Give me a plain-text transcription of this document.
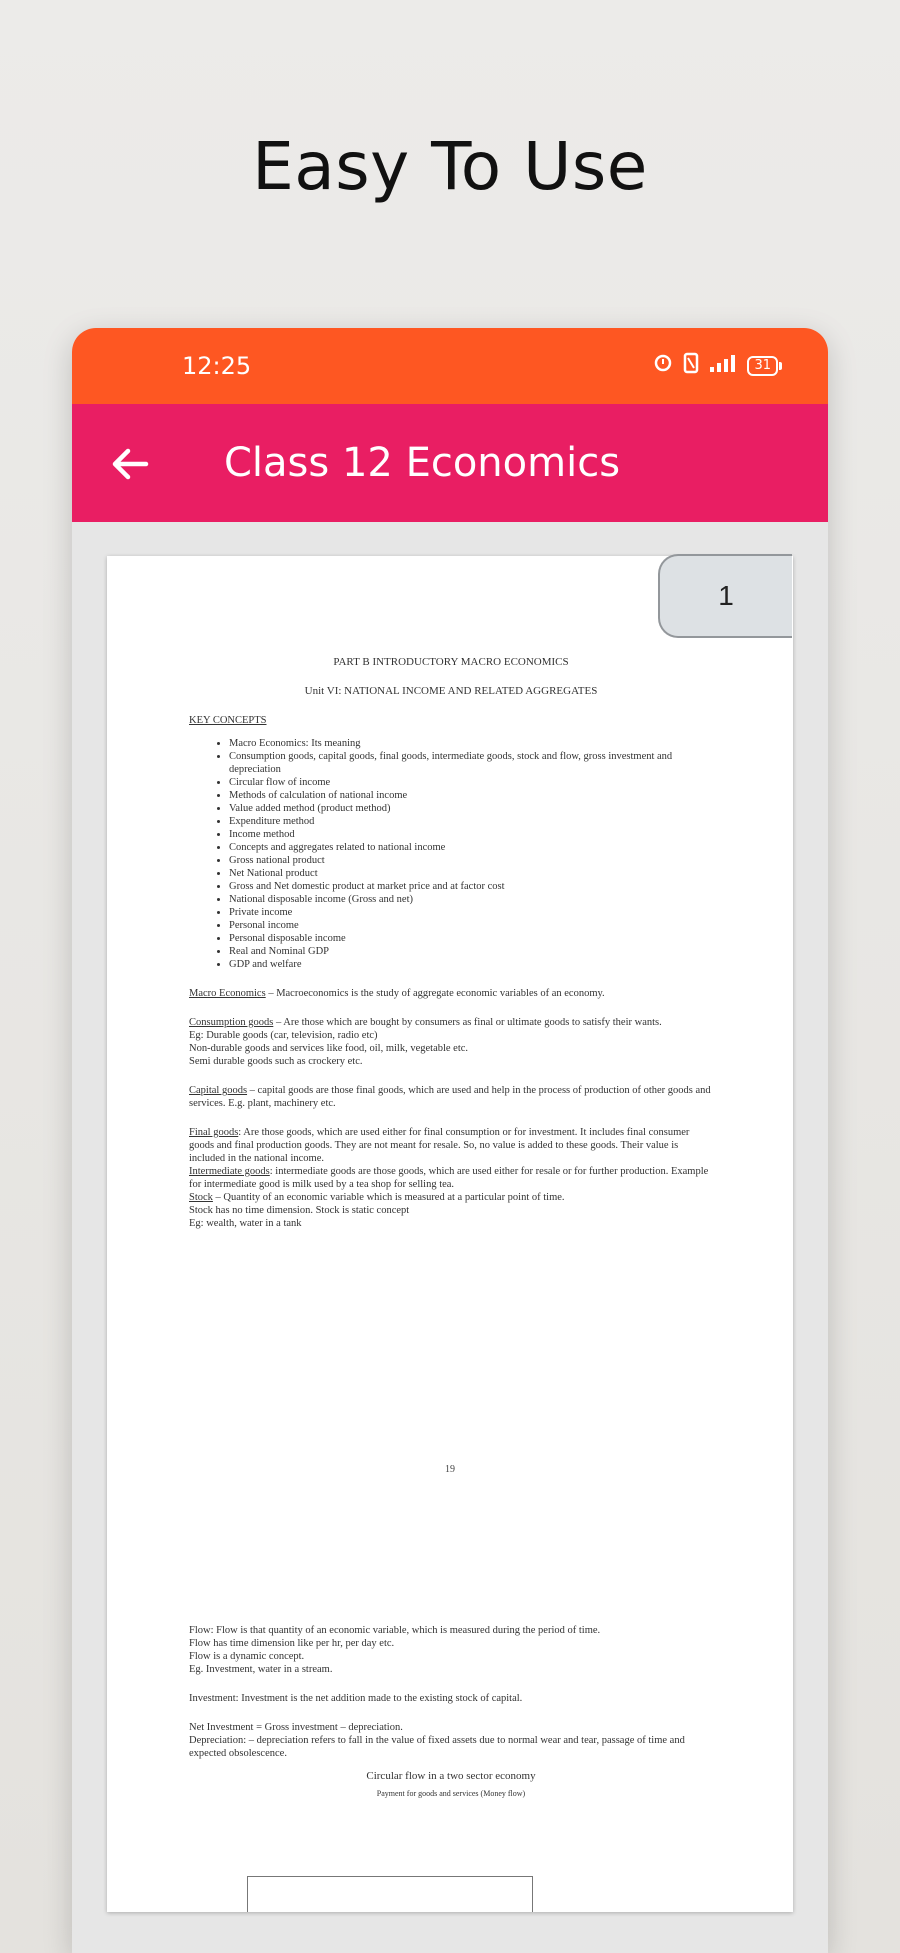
Easy To Use
12:25	31
Class 12 Economics
PART B INTRODUCTORY MACRO ECONOMICS
Unit VI: NATIONAL INCOME AND RELATED AGGREGATES
KEY CONCEPTS
• Macro Economics: Its meaning
• Consumption goods, capital goods, final goods, intermediate goods, stock and flow, gross investment and depreciation
• Circular flow of income
• Methods of calculation of national income
• Value added method (product method)
• Expenditure method
• Income method
• Concepts and aggregates related to national income
• Gross national product
• Net National product
• Gross and Net domestic product at market price and at factor cost
• National disposable income (Gross and net)
• Private income
• Personal income
• Personal disposable income
• Real and Nominal GDP
• GDP and welfare

Macro Economics – Macroeconomics is the study of aggregate economic variables of an economy.

Consumption goods – Are those which are bought by consumers as final or ultimate goods to satisfy their wants.
Eg: Durable goods (car, television, radio etc)
Non-durable goods and services like food, oil, milk, vegetable etc.
Semi durable goods such as crockery etc.

Capital goods – capital goods are those final goods, which are used and help in the process of production of other goods and services. E.g. plant, machinery etc.

Final goods: Are those goods, which are used either for final consumption or for investment. It includes final consumer goods and final production goods. They are not meant for resale. So, no value is added to these goods. Their value is included in the national income.
Intermediate goods: intermediate goods are those goods, which are used either for resale or for further production. Example for intermediate good is milk used by a tea shop for selling tea.
Stock – Quantity of an economic variable which is measured at a particular point of time.
Stock has no time dimension. Stock is static concept
Eg: wealth, water in a tank

19

Flow: Flow is that quantity of an economic variable, which is measured during the period of time.
Flow has time dimension like per hr, per day etc.
Flow is a dynamic concept.
Eg. Investment, water in a stream.

Investment: Investment is the net addition made to the existing stock of capital.

Net Investment = Gross investment – depreciation.
Depreciation: – depreciation refers to fall in the value of fixed assets due to normal wear and tear, passage of time and expected obsolescence.

Circular flow in a two sector economy
Payment for goods and services (Money flow)
1
